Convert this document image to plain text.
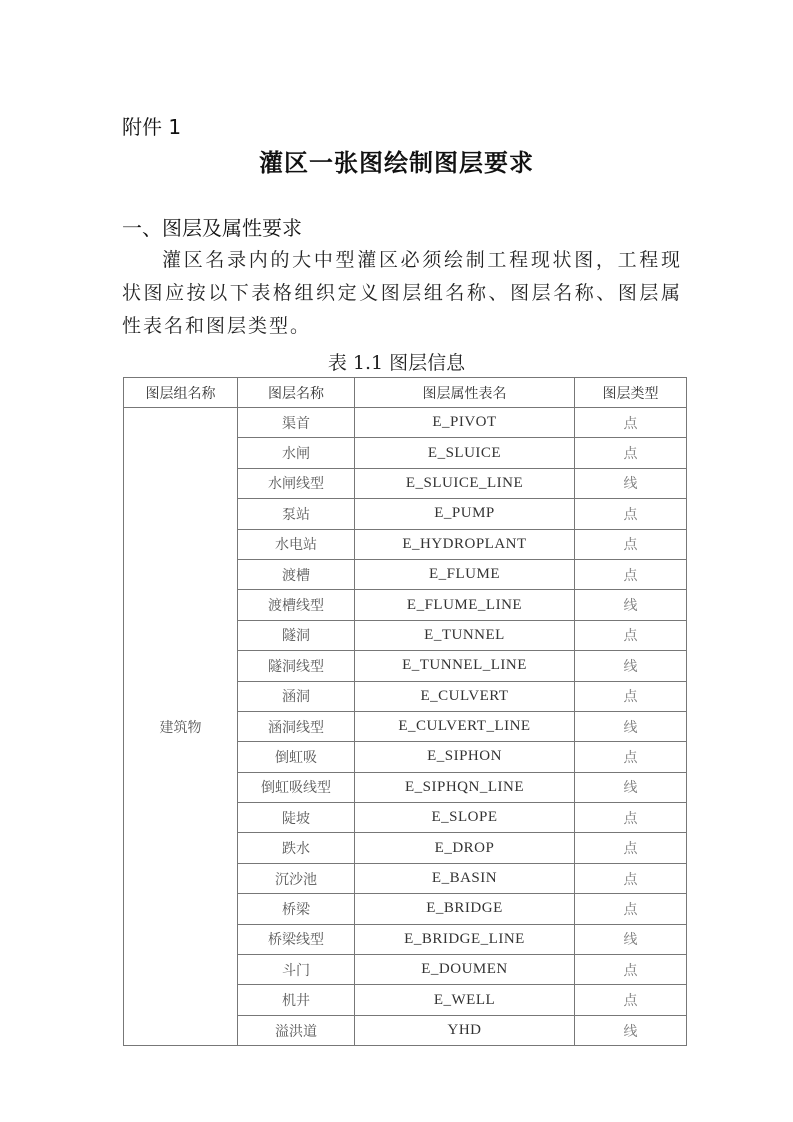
附件 1
灌区一张图绘制图层要求
一、图层及属性要求
灌区名录内的大中型灌区必须绘制工程现状图，工程现状图应按以下表格组织定义图层组名称、图层名称、图层属性表名和图层类型。
表 1.1 图层信息
图层组名称	图层名称	图层属性表名	图层类型
建筑物	渠首	E_PIVOT	点
	水闸	E_SLUICE	点
	水闸线型	E_SLUICE_LINE	线
	泵站	E_PUMP	点
	水电站	E_HYDROPLANT	点
	渡槽	E_FLUME	点
	渡槽线型	E_FLUME_LINE	线
	隧洞	E_TUNNEL	点
	隧洞线型	E_TUNNEL_LINE	线
	涵洞	E_CULVERT	点
	涵洞线型	E_CULVERT_LINE	线
	倒虹吸	E_SIPHON	点
	倒虹吸线型	E_SIPHQN_LINE	线
	陡坡	E_SLOPE	点
	跌水	E_DROP	点
	沉沙池	E_BASIN	点
	桥梁	E_BRIDGE	点
	桥梁线型	E_BRIDGE_LINE	线
	斗门	E_DOUMEN	点
	机井	E_WELL	点
	溢洪道	YHD	线
